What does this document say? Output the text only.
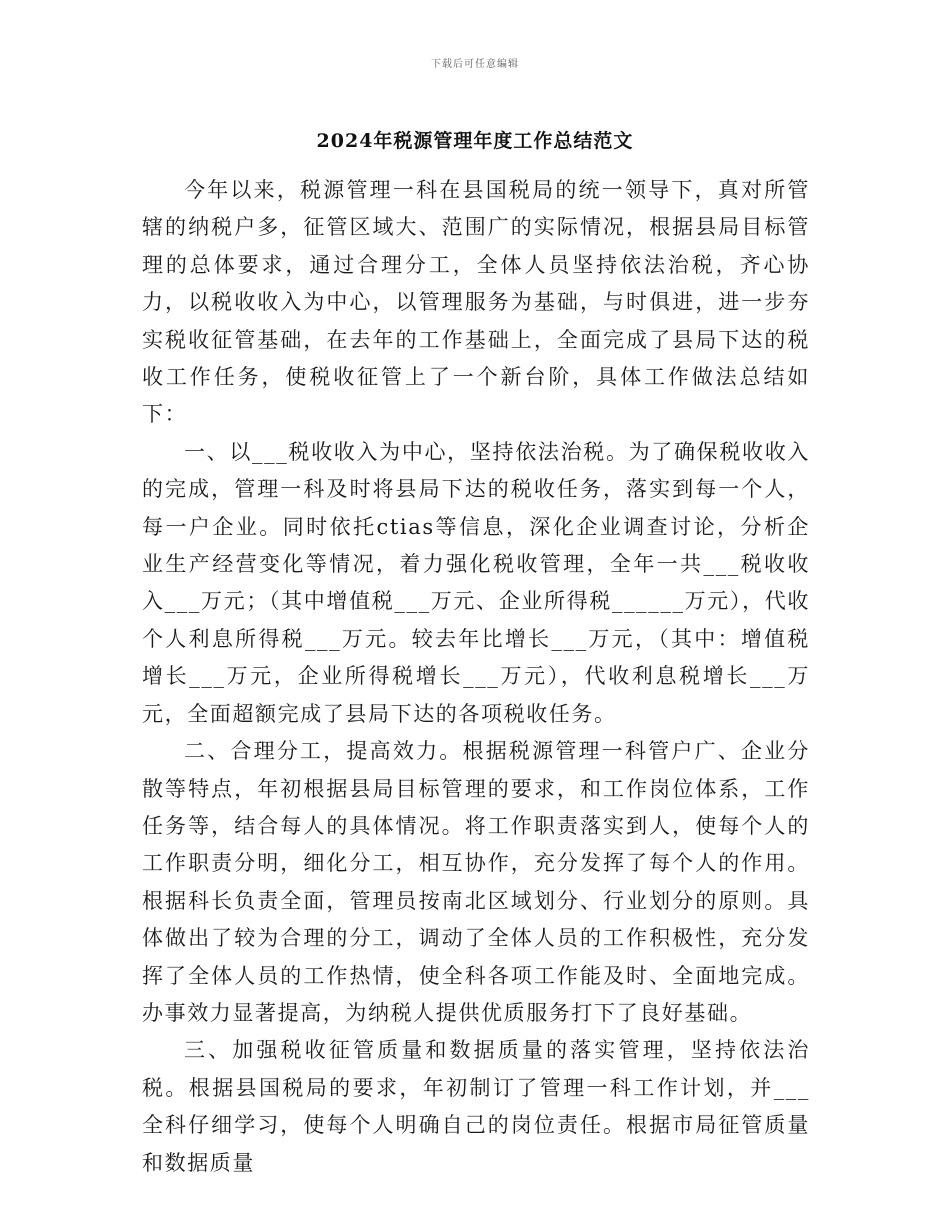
下载后可任意编辑
2024年税源管理年度工作总结范文

今年以来，税源管理一科在县国税局的统一领导下，真对所管辖的纳税户多，征管区域大、范围广的实际情况，根据县局目标管理的总体要求，通过合理分工，全体人员坚持依法治税，齐心协力，以税收收入为中心，以管理服务为基础，与时俱进，进一步夯实税收征管基础，在去年的工作基础上，全面完成了县局下达的税收工作任务，使税收征管上了一个新台阶，具体工作做法总结如下：

一、以___税收收入为中心，坚持依法治税。为了确保税收收入的完成，管理一科及时将县局下达的税收任务，落实到每一个人，每一户企业。同时依托ctias等信息，深化企业调查讨论，分析企业生产经营变化等情况，着力强化税收管理，全年一共___税收收入___万元；（其中增值税___万元、企业所得税______万元），代收个人利息所得税___万元。较去年比增长___万元，（其中：增值税增长___万元，企业所得税增长___万元），代收利息税增长___万元，全面超额完成了县局下达的各项税收任务。

二、合理分工，提高效力。根据税源管理一科管户广、企业分散等特点，年初根据县局目标管理的要求，和工作岗位体系，工作任务等，结合每人的具体情况。将工作职责落实到人，使每个人的工作职责分明，细化分工，相互协作，充分发挥了每个人的作用。根据科长负责全面，管理员按南北区域划分、行业划分的原则。具体做出了较为合理的分工，调动了全体人员的工作积极性，充分发挥了全体人员的工作热情，使全科各项工作能及时、全面地完成。办事效力显著提高，为纳税人提供优质服务打下了良好基础。

三、加强税收征管质量和数据质量的落实管理，坚持依法治税。根据县国税局的要求，年初制订了管理一科工作计划，并___全科仔细学习，使每个人明确自己的岗位责任。根据市局征管质量和数据质量
